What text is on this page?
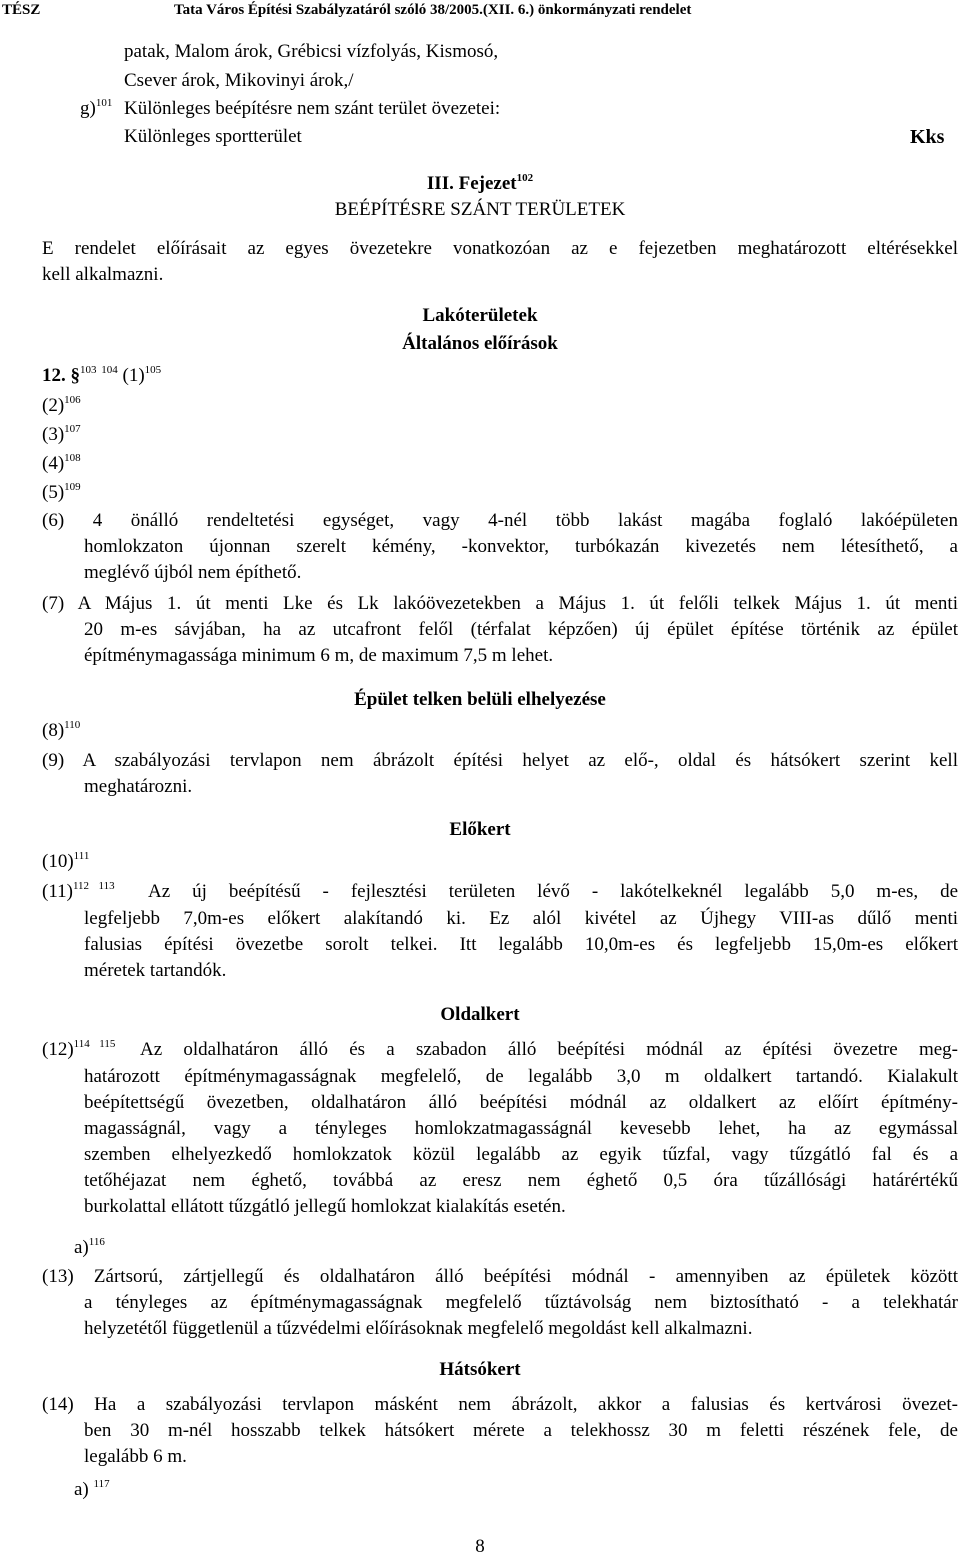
TÉSZ	Tata Város Építési Szabályzatáról szóló 38/2005.(XII. 6.) önkormányzati rendelet
patak, Malom árok, Grébicsi vízfolyás, Kismosó,
Csever árok, Mikovinyi árok,/
g)$^{101}$ Különleges beépítésre nem szánt terület övezetei:
Különleges sportterület	Kks
III. Fejezet$^{102}$
BEÉPÍTÉSRE SZÁNT TERÜLETEK
E rendelet előírásait az egyes övezetekre vonatkozóan az e fejezetben meghatározott eltérésekkel
kell alkalmazni.
Lakóterületek
Általános előírások
12. §$^{103}$ $^{104}$ $(1)^{105}$
$(2)^{106}$
$(3)^{107}$
$(4)^{108}$
$(5)^{109}$
(6) 4 önálló rendeltetési egységet, vagy 4-nél több lakást magába foglaló lakóépületen
homlokzaton újonnan szerelt kémény, -konvektor, turbókazán kivezetés nem létesíthető, a
meglévő újból nem építhető.
(7) A Május 1. út menti Lke és Lk lakóövezetekben a Május 1. út felőli telkek Május 1. út menti
20 m-es sávjában, ha az utcafront felől (térfalat képzően) új épület építése történik az épület
építménymagassága minimum 6 m, de maximum 7,5 m lehet.
Épület telken belüli elhelyezése
$(8)^{110}$
(9) A szabályozási tervlapon nem ábrázolt építési helyet az elő-, oldal és hátsókert szerint kell
meghatározni.
Előkert
$(10)^{111}$
$(11)^{112}$ $^{113}$ Az új beépítésű - fejlesztési területen lévő - lakótelkeknél legalább 5,0 m-es, de
legfeljebb 7,0m-es előkert alakítandó ki. Ez alól kivétel az Újhegy VIII-as dűlő menti
falusias építési övezetbe sorolt telkei. Itt legalább 10,0m-es és legfeljebb 15,0m-es előkert
méretek tartandók.
Oldalkert
$(12)^{114}$ $^{115}$ Az oldalhatáron álló és a szabadon álló beépítési módnál az építési övezetre meg-
határozott építménymagasságnak megfelelő, de legalább 3,0 m oldalkert tartandó. Kialakult
beépítettségű övezetben, oldalhatáron álló beépítési módnál az oldalkert az előírt építmény-
magasságnál, vagy a tényleges homlokzatmagasságnál kevesebb lehet, ha az egymással
szemben elhelyezkedő homlokzatok közül legalább az egyik tűzfal, vagy tűzgátló fal és a
tetőhéjazat nem éghető, továbbá az eresz nem éghető 0,5 óra tűzállósági határértékű
burkolattal ellátott tűzgátló jellegű homlokzat kialakítás esetén.
a)$^{116}$
(13) Zártsorú, zártjellegű és oldalhatáron álló beépítési módnál - amennyiben az épületek között
a tényleges az építménymagasságnak megfelelő tűztávolság nem biztosítható - a telekhatár
helyzetétől függetlenül a tűzvédelmi előírásoknak megfelelő megoldást kell alkalmazni.
Hátsókert
(14) Ha a szabályozási tervlapon másként nem ábrázolt, akkor a falusias és kertvárosi övezet-
ben 30 m-nél hosszabb telkek hátsókert mérete a telekhossz 30 m feletti részének fele, de
legalább 6 m.
a) $^{117}$
8
